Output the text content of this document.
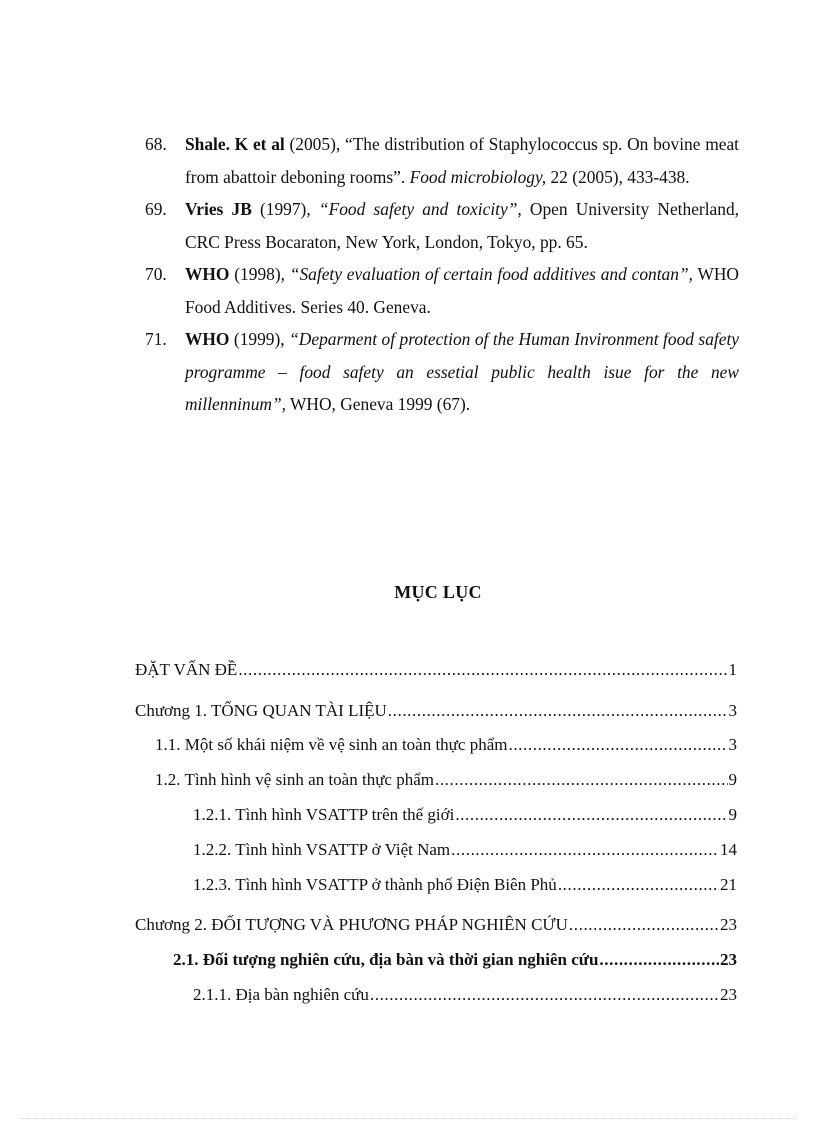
68.	Shale. K et al (2005), “The distribution of Staphylococcus sp. On bovine meat from abattoir deboning rooms”. Food microbiology, 22 (2005), 433-438.
69.	Vries JB (1997), “Food safety and toxicity”, Open University Netherland, CRC Press Bocaraton, New York, London, Tokyo, pp. 65.
70.	WHO (1998), “Safety evaluation of certain food additives and contan”, WHO Food Additives. Series 40. Geneva.
71.	WHO (1999), “Deparment of protection of the Human Invironment food safety programme – food safety an essetial public health isue for the new millenninum”, WHO, Geneva 1999 (67).
MỤC LỤC
ĐẶT VẤN ĐỀ .....	1
Chương 1. TỔNG QUAN TÀI LIỆU .....	3
1.1. Một số khái niệm về vệ sinh an toàn thực phẩm .....	3
1.2. Tình hình vệ sinh an toàn thực phẩm .....	9
1.2.1. Tình hình VSATTP trên thế giới .....	9
1.2.2. Tình hình VSATTP ở Việt Nam .....	14
1.2.3. Tình hình VSATTP ở thành phố Điện Biên Phủ .....	21
Chương 2. ĐỐI TƯỢNG VÀ PHƯƠNG PHÁP NGHIÊN CỨU .....	23
2.1. Đối tượng nghiên cứu, địa bàn và thời gian nghiên cứu .....	23
2.1.1. Địa bàn nghiên cứu .....	23
